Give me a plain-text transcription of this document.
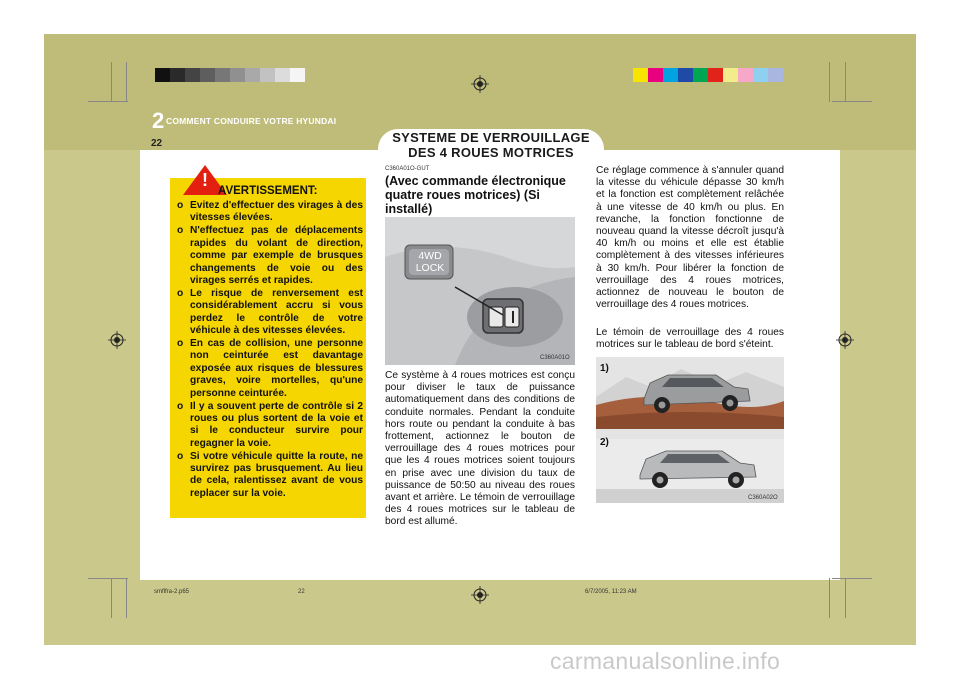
2 COMMENT CONDUIRE VOTRE HYUNDAI
22	SYSTEME DE VERROUILLAGE
DES 4 ROUES MOTRICES
!
AVERTISSEMENT:
o Evitez d'effectuer des virages à des vitesses élevées.
o N'effectuez pas de déplacements rapides du volant de direction, comme par exemple de brusques changements de voie ou des virages serrés et rapides.
o Le risque de renversement est considérablement accru si vous perdez le contrôle de votre véhicule à des vitesses élevées.
o En cas de collision, une personne non ceinturée est davantage exposée aux risques de blessures graves, voire mortelles, qu'une personne ceinturée.
o Il y a souvent perte de contrôle si 2 roues ou plus sortent de la voie et si le conducteur survire pour regagner la voie.
o Si votre véhicule quitte la route, ne survirez pas brusquement. Au lieu de cela, ralentissez avant de vous replacer sur la voie.
C360A01O-GUT
(Avec commande électronique quatre roues motrices) (Si installé)
4WD LOCK
C360A01O

Ce système à 4 roues motrices est conçu pour diviser le taux de puissance automatiquement dans des conditions de conduite normales. Pendant la conduite hors route ou pendant la conduite à bas frottement, actionnez le bouton de verrouillage des 4 roues motrices pour que les 4 roues motrices soient toujours en prise avec une division du taux de puissance de 50:50 au niveau des roues avant et arrière. Le témoin de verrouillage des 4 roues motrices sur le tableau de bord est allumé.

Ce réglage commence à s'annuler quand la vitesse du véhicule dépasse 30 km/h et la fonction est complètement relâchée à une vitesse de 40 km/h ou plus. En revanche, la fonction fonctionne de nouveau quand la vitesse décroît jusqu'à 40 km/h ou moins et elle est établie complètement à des vitesses inférieures à 30 km/h. Pour libérer la fonction de verrouillage des 4 roues motrices, actionnez de nouveau le bouton de verrouillage des 4 roues motrices.

Le témoin de verrouillage des 4 roues motrices sur le tableau de bord s'éteint.

1)
2)
C360A02O
smflfra-2.p65	22	6/7/2005, 11:23 AM
carmanualsonline.info
